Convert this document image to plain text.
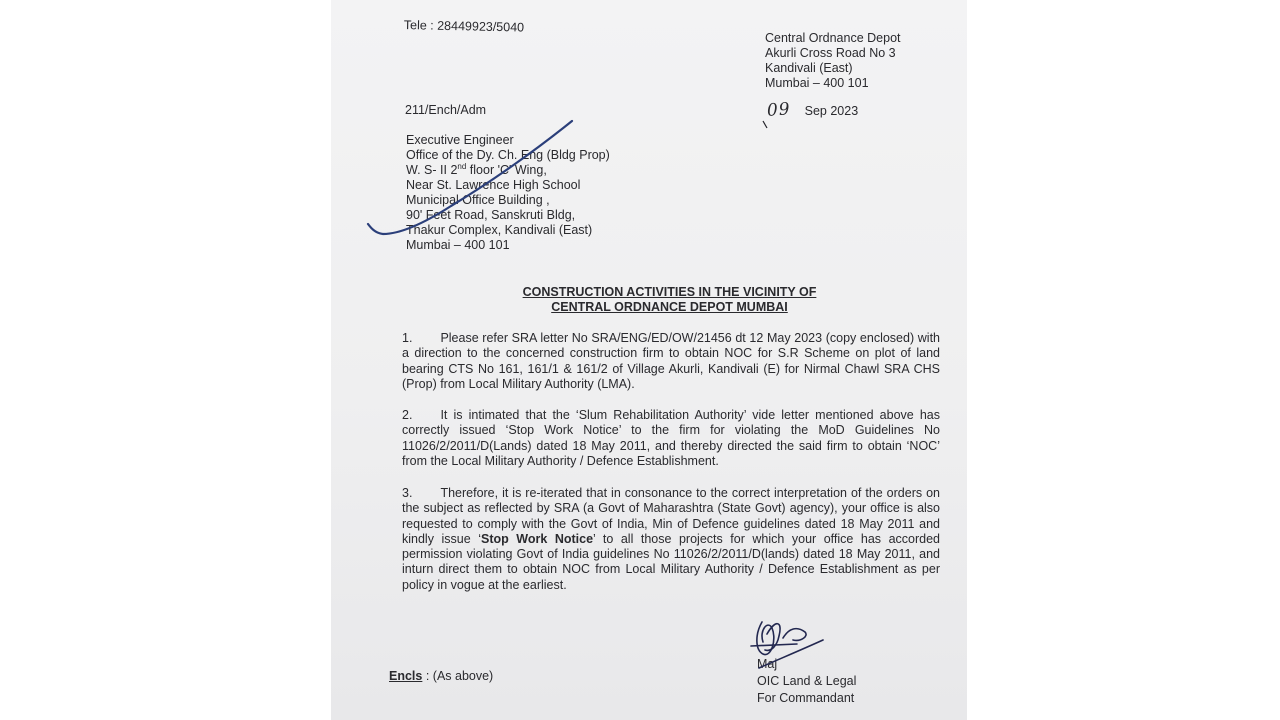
Tele : 28449923/5040
Central Ordnance Depot
Akurli Cross Road No 3
Kandivali (East)
Mumbai – 400 101
09 Sep 2023
211/Ench/Adm
Executive Engineer
Office of the Dy. Ch. Eng (Bldg Prop)
W. S- II 2nd floor 'C' Wing,
Near St. Lawrence High School
Municipal Office Building ,
90' Feet Road, Sanskruti Bldg,
Thakur Complex, Kandivali (East)
Mumbai – 400 101
CONSTRUCTION ACTIVITIES IN THE VICINITY OF
CENTRAL ORDNANCE DEPOT MUMBAI
1. Please refer SRA letter No SRA/ENG/ED/OW/21456 dt 12 May 2023 (copy enclosed) with a direction to the concerned construction firm to obtain NOC for S.R Scheme on plot of land bearing CTS No 161, 161/1 & 161/2 of Village Akurli, Kandivali (E) for Nirmal Chawl SRA CHS (Prop) from Local Military Authority (LMA).
2. It is intimated that the ‘Slum Rehabilitation Authority’ vide letter mentioned above has correctly issued ‘Stop Work Notice’ to the firm for violating the MoD Guidelines No 11026/2/2011/D(Lands) dated 18 May 2011, and thereby directed the said firm to obtain ‘NOC’ from the Local Military Authority / Defence Establishment.
3. Therefore, it is re-iterated that in consonance to the correct interpretation of the orders on the subject as reflected by SRA (a Govt of Maharashtra (State Govt) agency), your office is also requested to comply with the Govt of India, Min of Defence guidelines dated 18 May 2011 and kindly issue ‘Stop Work Notice’ to all those projects for which your office has accorded permission violating Govt of India guidelines No 11026/2/2011/D(lands) dated 18 May 2011, and inturn direct them to obtain NOC from Local Military Authority / Defence Establishment as per policy in vogue at the earliest.
Encls : (As above)
Maj
OIC Land & Legal
For Commandant
